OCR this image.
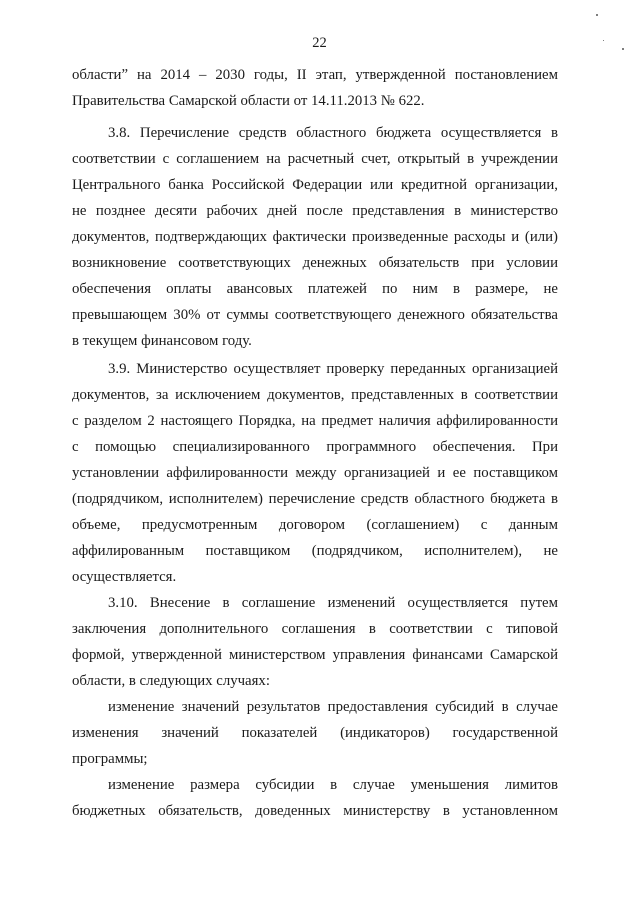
22
областиˮ на 2014 – 2030 годы, II этап, утвержденной постановлением
Правительства Самарской области от 14.11.2013 № 622.
3.8. Перечисление средств областного бюджета осуществляется в
соответствии с соглашением на расчетный счет, открытый в учреждении
Центрального банка Российской Федерации или кредитной организации,
не позднее десяти рабочих дней после представления в министерство
документов, подтверждающих фактически произведенные расходы и (или)
возникновение соответствующих денежных обязательств при условии
обеспечения оплаты авансовых платежей по ним в размере, не
превышающем 30% от суммы соответствующего денежного обязательства
в текущем финансовом году.
3.9. Министерство осуществляет проверку переданных организацией
документов, за исключением документов, представленных в соответствии
с разделом 2 настоящего Порядка, на предмет наличия аффилированности
с помощью специализированного программного обеспечения. При
установлении аффилированности между организацией и ее поставщиком
(подрядчиком, исполнителем) перечисление средств областного бюджета в
объеме, предусмотренным договором (соглашением) с данным
аффилированным поставщиком (подрядчиком, исполнителем), не
осуществляется.
3.10. Внесение в соглашение изменений осуществляется путем
заключения дополнительного соглашения в соответствии с типовой
формой, утвержденной министерством управления финансами Самарской
области, в следующих случаях:
изменение значений результатов предоставления субсидий в случае
изменения значений показателей (индикаторов) государственной
программы;
изменение размера субсидии в случае уменьшения лимитов
бюджетных обязательств, доведенных министерству в установленном
